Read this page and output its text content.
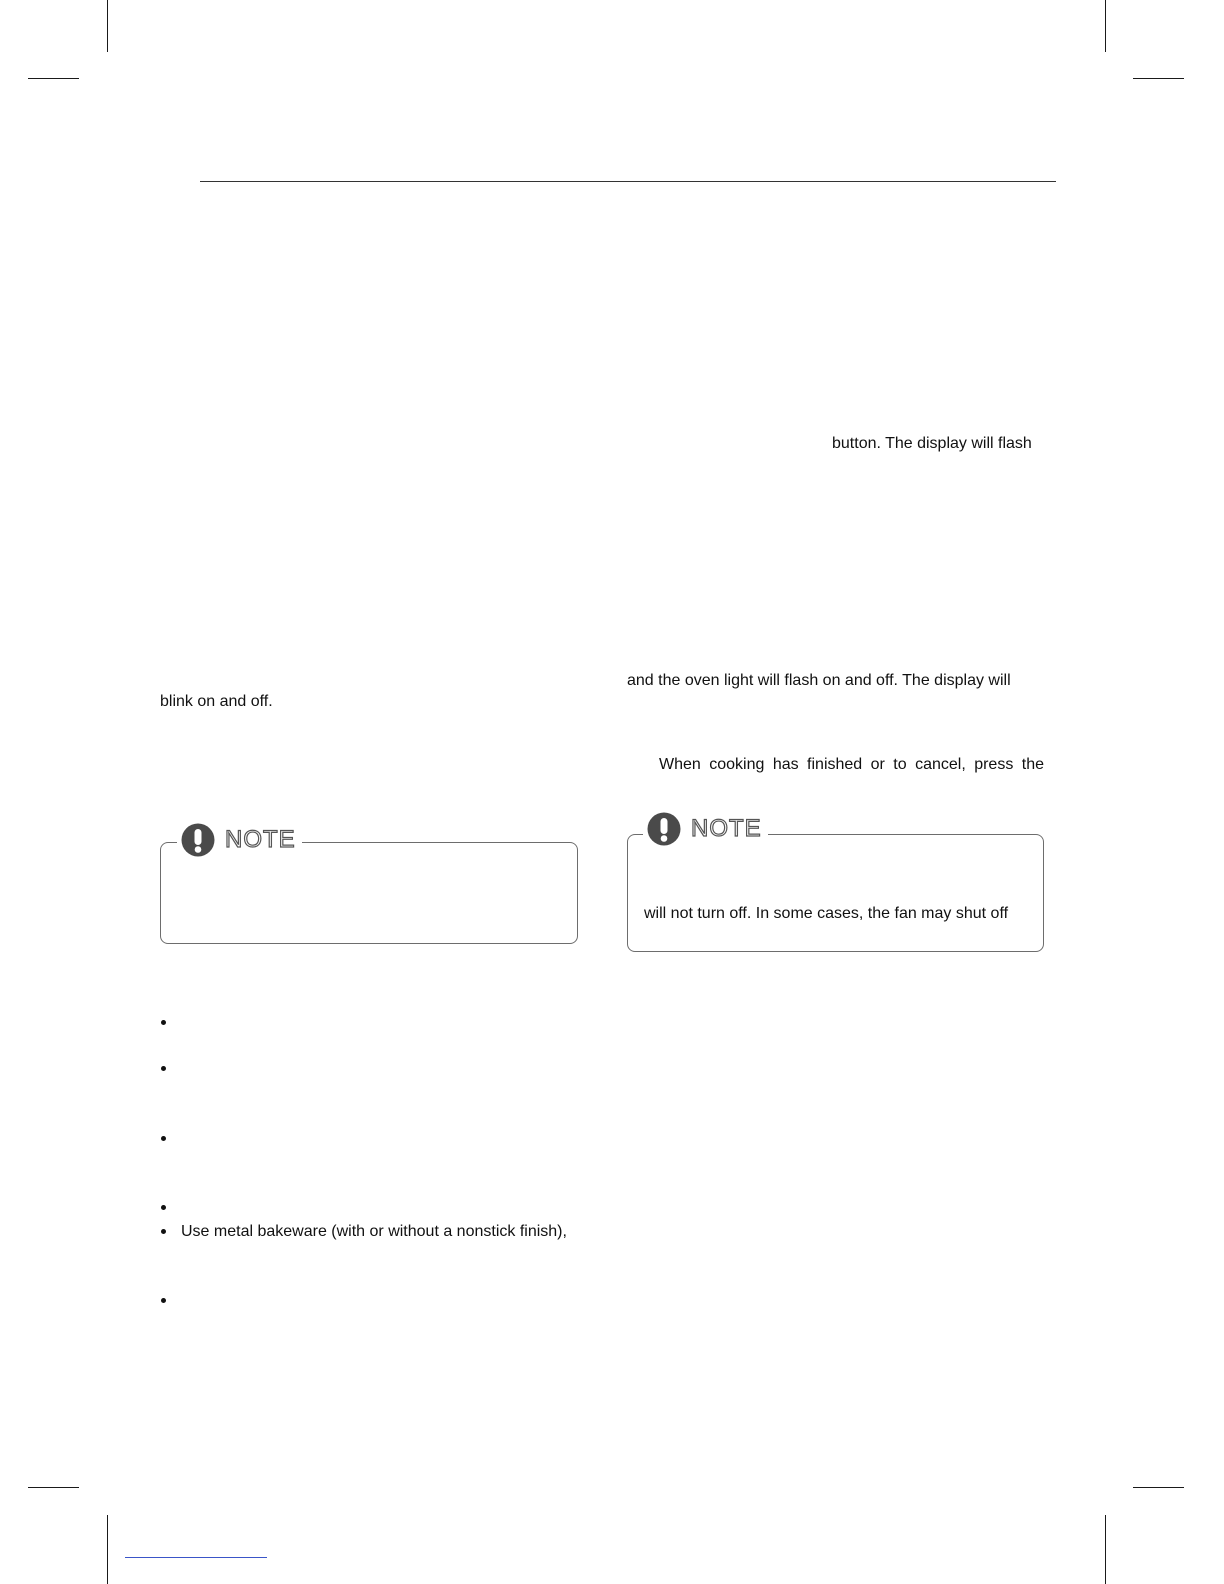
button. The display will flash
and the oven light will flash on and off. The display will
blink on and off.
When cooking has finished or to cancel, press the
NOTE	NOTE
will not turn off. In some cases, the fan may shut off
Use metal bakeware (with or without a nonstick finish),
